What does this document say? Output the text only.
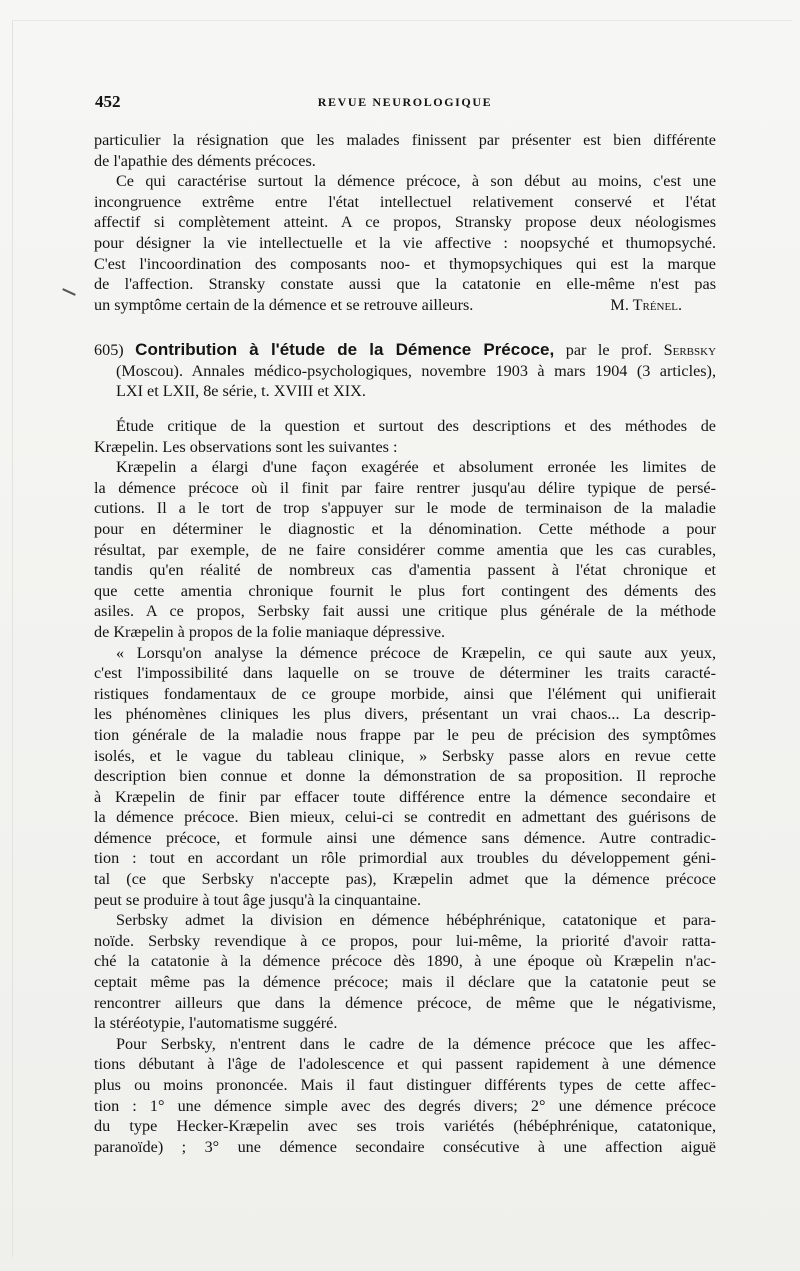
452	REVUE NEUROLOGIQUE
particulier la résignation que les malades finissent par présenter est bien différente
de l'apathie des déments précoces.
Ce qui caractérise surtout la démence précoce, à son début au moins, c'est une
incongruence extrême entre l'état intellectuel relativement conservé et l'état
affectif si complètement atteint. A ce propos, Stransky propose deux néologismes
pour désigner la vie intellectuelle et la vie affective : noopsyché et thumopsyché.
C'est l'incoordination des composants noo- et thymopsychiques qui est la marque
de l'affection. Stransky constate aussi que la catatonie en elle-même n'est pas
un symptôme certain de la démence et se retrouve ailleurs.	M. Trénel.
605) Contribution à l'étude de la Démence Précoce, par le prof. Serbsky
(Moscou). Annales médico-psychologiques, novembre 1903 à mars 1904 (3 articles),
LXI et LXII, 8e série, t. XVIII et XIX.
Étude critique de la question et surtout des descriptions et des méthodes de
Kræpelin. Les observations sont les suivantes :
Kræpelin a élargi d'une façon exagérée et absolument erronée les limites de
la démence précoce où il finit par faire rentrer jusqu'au délire typique de persé-
cutions. Il a le tort de trop s'appuyer sur le mode de terminaison de la maladie
pour en déterminer le diagnostic et la dénomination. Cette méthode a pour
résultat, par exemple, de ne faire considérer comme amentia que les cas curables,
tandis qu'en réalité de nombreux cas d'amentia passent à l'état chronique et
que cette amentia chronique fournit le plus fort contingent des déments des
asiles. A ce propos, Serbsky fait aussi une critique plus générale de la méthode
de Kræpelin à propos de la folie maniaque dépressive.
« Lorsqu'on analyse la démence précoce de Kræpelin, ce qui saute aux yeux,
c'est l'impossibilité dans laquelle on se trouve de déterminer les traits caracté-
ristiques fondamentaux de ce groupe morbide, ainsi que l'élément qui unifierait
les phénomènes cliniques les plus divers, présentant un vrai chaos... La descrip-
tion générale de la maladie nous frappe par le peu de précision des symptômes
isolés, et le vague du tableau clinique, » Serbsky passe alors en revue cette
description bien connue et donne la démonstration de sa proposition. Il reproche
à Kræpelin de finir par effacer toute différence entre la démence secondaire et
la démence précoce. Bien mieux, celui-ci se contredit en admettant des guérisons de
démence précoce, et formule ainsi une démence sans démence. Autre contradic-
tion : tout en accordant un rôle primordial aux troubles du développement géni-
tal (ce que Serbsky n'accepte pas), Kræpelin admet que la démence précoce
peut se produire à tout âge jusqu'à la cinquantaine.
Serbsky admet la division en démence hébéphrénique, catatonique et para-
noïde. Serbsky revendique à ce propos, pour lui-même, la priorité d'avoir ratta-
ché la catatonie à la démence précoce dès 1890, à une époque où Kræpelin n'ac-
ceptait même pas la démence précoce; mais il déclare que la catatonie peut se
rencontrer ailleurs que dans la démence précoce, de même que le négativisme,
la stéréotypie, l'automatisme suggéré.
Pour Serbsky, n'entrent dans le cadre de la démence précoce que les affec-
tions débutant à l'âge de l'adolescence et qui passent rapidement à une démence
plus ou moins prononcée. Mais il faut distinguer différents types de cette affec-
tion : 1° une démence simple avec des degrés divers; 2° une démence précoce
du type Hecker-Kræpelin avec ses trois variétés (hébéphrénique, catatonique,
paranoïde) ; 3° une démence secondaire consécutive à une affection aiguë
